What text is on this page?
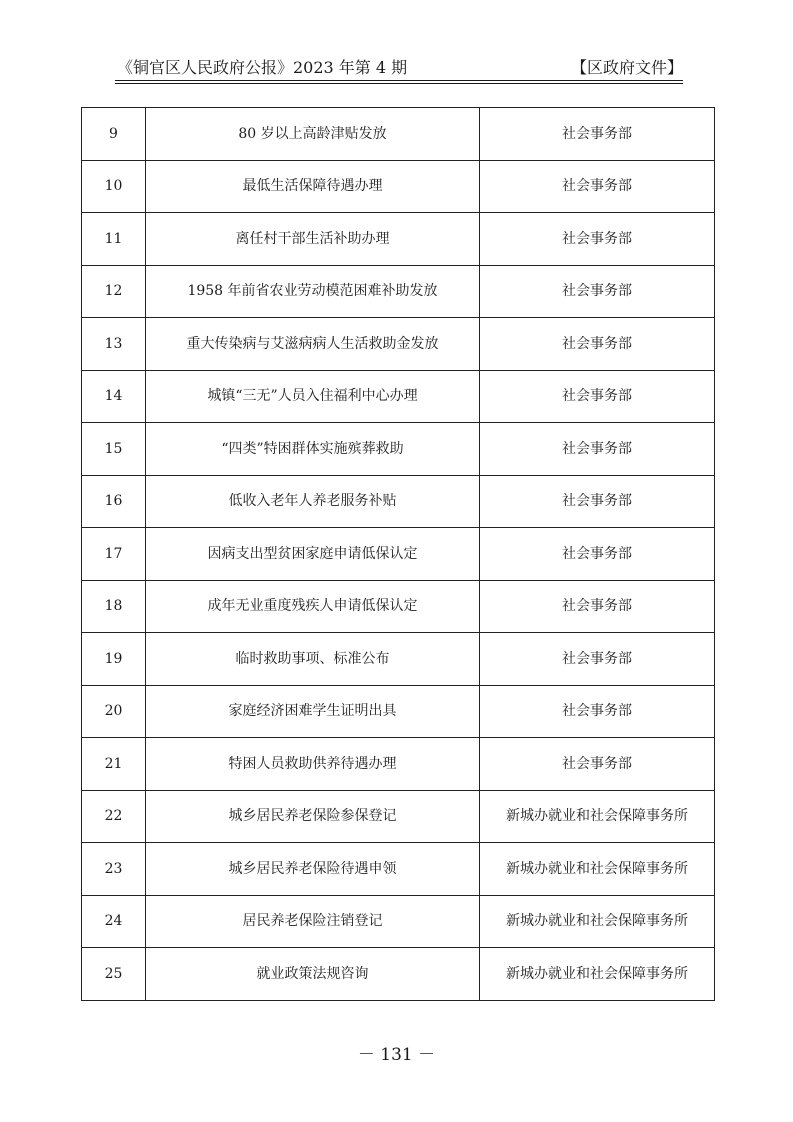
《铜官区人民政府公报》2023 年第 4 期	【区政府文件】
9	80 岁以上高龄津贴发放	社会事务部
10	最低生活保障待遇办理	社会事务部
11	离任村干部生活补助办理	社会事务部
12	1958 年前省农业劳动模范困难补助发放	社会事务部
13	重大传染病与艾滋病病人生活救助金发放	社会事务部
14	城镇“三无”人员入住福利中心办理	社会事务部
15	“四类”特困群体实施殡葬救助	社会事务部
16	低收入老年人养老服务补贴	社会事务部
17	因病支出型贫困家庭申请低保认定	社会事务部
18	成年无业重度残疾人申请低保认定	社会事务部
19	临时救助事项、标准公布	社会事务部
20	家庭经济困难学生证明出具	社会事务部
21	特困人员救助供养待遇办理	社会事务部
22	城乡居民养老保险参保登记	新城办就业和社会保障事务所
23	城乡居民养老保险待遇申领	新城办就业和社会保障事务所
24	居民养老保险注销登记	新城办就业和社会保障事务所
25	就业政策法规咨询	新城办就业和社会保障事务所
－ 131 －
